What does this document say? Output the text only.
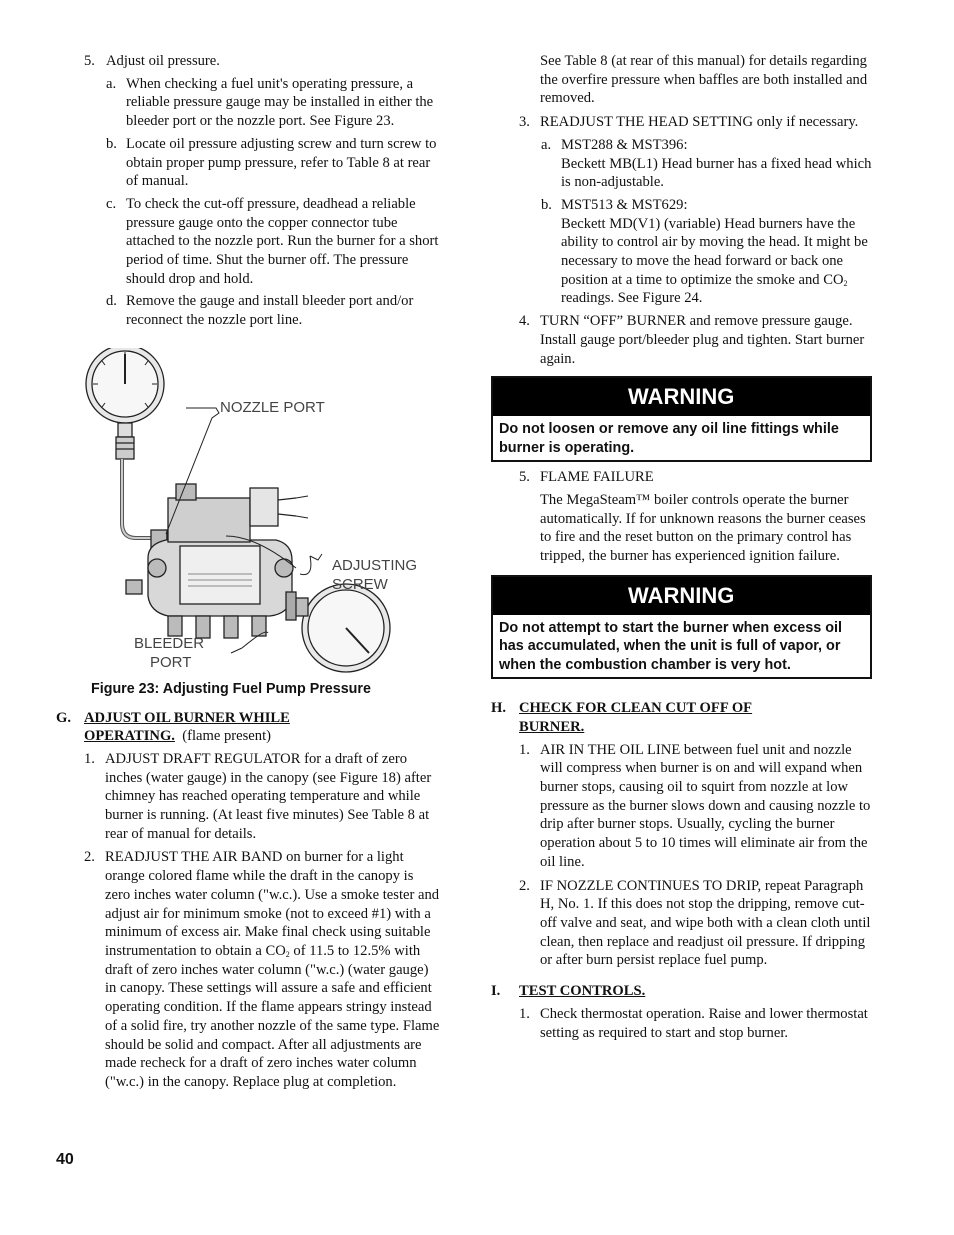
5. Adjust oil pressure.

a. When checking a fuel unit's operating pressure, a reliable pressure gauge may be installed in either the bleeder port or the nozzle port. See Figure 23.

b. Locate oil pressure adjusting screw and turn screw to obtain proper pump pressure, refer to Table 8 at rear of manual.

c. To check the cut-off pressure, deadhead a reliable pressure gauge onto the copper connector tube attached to the nozzle port. Run the burner for a short period of time. Shut the burner off. The pressure should drop and hold.

d. Remove the gauge and install bleeder port and/or reconnect the nozzle port line.

NOZZLE PORT
ADJUSTING
SCREW
BLEEDER
PORT

Figure 23: Adjusting Fuel Pump Pressure

G. ADJUST OIL BURNER WHILE

OPERATING. (flame present)

1. ADJUST DRAFT REGULATOR for a draft of zero inches (water gauge) in the canopy (see Figure 18) after chimney has reached operating temperature and while burner is running. (At least five minutes) See Table 8 at rear of manual for details.

2. READJUST THE AIR BAND on burner for a light orange colored flame while the draft in the canopy is zero inches water column ("w.c.). Use a smoke tester and adjust air for minimum smoke (not to exceed #1) with a minimum of excess air. Make final check using suitable instrumentation to obtain a $CO_2$ of 11.5 to 12.5% with draft of zero inches water column ("w.c.) (water gauge) in canopy. These settings will assure a safe and efficient operating condition. If the flame appears stringy instead of a solid fire, try another nozzle of the same type. Flame should be solid and compact. After all adjustments are made recheck for a draft of zero inches water column ("w.c.) in the canopy. Replace plug at completion.

See Table 8 (at rear of this manual) for details regarding the overfire pressure when baffles are both installed and removed.

3. READJUST THE HEAD SETTING only if necessary.

a. MST288 & MST396:

Beckett MB(L1) Head burner has a fixed head which is non-adjustable.

b. MST513 & MST629:

Beckett MD(V1) (variable) Head burners have the ability to control air by moving the head. It might be necessary to move the head forward or back one position at a time to optimize the smoke and $CO_2$ readings. See Figure 24.

4. TURN “OFF” BURNER and remove pressure gauge. Install gauge port/bleeder plug and tighten. Start burner again.

WARNING
Do not loosen or remove any oil line fittings while burner is operating.
5. FLAME FAILURE

The MegaSteam™ boiler controls operate the burner automatically. If for unknown reasons the burner ceases to fire and the reset button on the primary control has tripped, the burner has experienced ignition failure.

WARNING
Do not attempt to start the burner when excess oil has accumulated, when the unit is full of vapor, or when the combustion chamber is very hot.
H. CHECK FOR CLEAN CUT OFF OF

BURNER.

1. AIR IN THE OIL LINE between fuel unit and nozzle will compress when burner is on and will expand when burner stops, causing oil to squirt from nozzle at low pressure as the burner slows down and causing nozzle to drip after burner stops. Usually, cycling the burner operation about 5 to 10 times will eliminate air from the oil line.

2. IF NOZZLE CONTINUES TO DRIP, repeat Paragraph H, No. 1. If this does not stop the dripping, remove cut-off valve and seat, and wipe both with a clean cloth until clean, then replace and readjust oil pressure. If dripping or after burn persist replace fuel pump.

I. TEST CONTROLS.

1. Check thermostat operation. Raise and lower thermostat setting as required to start and stop burner.

40
